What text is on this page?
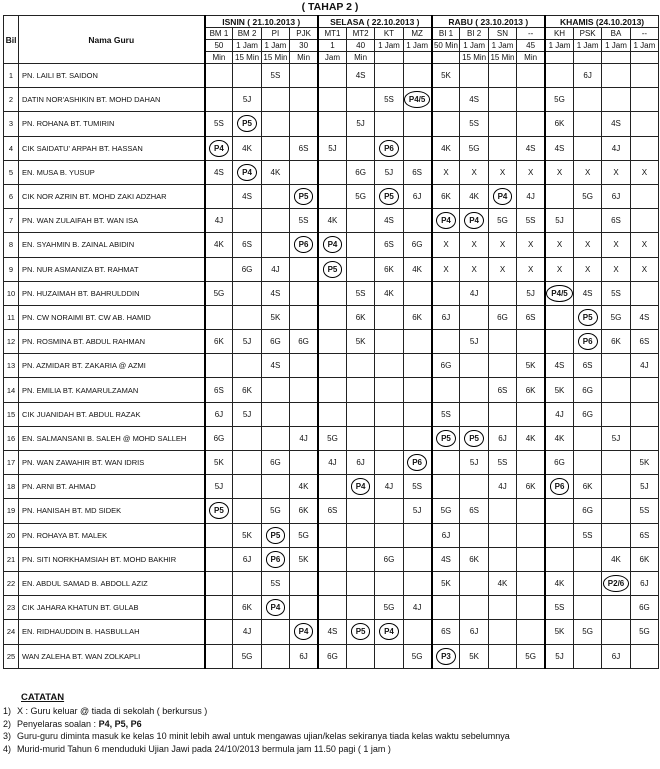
( TAHAP 2 )
Bil	Nama Guru	ISNIN ( 21.10.2013 )				SELASA ( 22.10.2013 )				RABU ( 23.10.2013 )				KHAMIS (24.10.2013)			
		BM 1	BM 2	PI	PJK	MT1	MT2	KT	MZ	BI 1	BI 2	SN	--	KH	PSK	BA	--
		50	1 Jam	1 Jam	30	1	40	1 Jam	1 Jam	50 Min	1 Jam	1 Jam	45	1 Jam	1 Jam	1 Jam	1 Jam
		Min	15 Min	15 Min	Min	Jam	Min				15 Min	15 Min	Min				
1	PN. LAILI BT. SAIDON			5S			4S			5K					6J		
2	DATIN NOR'ASHIKIN BT. MOHD DAHAN		5J					5S	P4/5		4S			5G			
3	PN. ROHANA BT. TUMIRIN	5S	P5				5J				5S			6K		4S	
4	CIK SAIDATU' ARPAH BT. HASSAN	P4	4K		6S	5J		P6		4K	5G		4S	4S		4J	
5	EN. MUSA B. YUSUP	4S	P4	4K			6G	5J	6S	X	X	X	X	X	X	X	X
6	CIK NOR AZRIN BT. MOHD ZAKI ADZHAR		4S		P5		5G	P5	6J	6K	4K	P4	4J		5G	6J	
7	PN. WAN ZULAIFAH BT. WAN ISA	4J			5S	4K		4S		P4	P4	5G	5S	5J		6S	
8	EN. SYAHMIN B. ZAINAL ABIDIN	4K	6S		P6	P4		6S	6G	X	X	X	X	X	X	X	X
9	PN. NUR ASMANIZA BT. RAHMAT		6G	4J		P5		6K	4K	X	X	X	X	X	X	X	X
10	PN. HUZAIMAH BT. BAHRULDDIN	5G		4S			5S	4K			4J		5J	P4/5	4S	5S	
11	PN. CW NORAIMI BT. CW AB. HAMID			5K			6K		6K	6J		6G	6S		P5	5G	4S
12	PN. ROSMINA BT. ABDUL RAHMAN	6K	5J	6G	6G		5K				5J				P6	6K	6S
13	PN. AZMIDAR BT. ZAKARIA @ AZMI			4S						6G			5K	4S	6S		4J
14	PN. EMILIA BT. KAMARULZAMAN	6S	6K									6S	6K	5K	6G		
15	CIK JUANIDAH BT. ABDUL RAZAK	6J	5J							5S				4J	6G		
16	EN. SALMANSANI B. SALEH @ MOHD SALLEH	6G			4J	5G				P5	P5	6J	4K	4K		5J	
17	PN. WAN ZAWAHIR BT. WAN IDRIS	5K		6G		4J	6J		P6		5J	5S		6G			5K
18	PN. ARNI BT. AHMAD	5J			4K		P4	4J	5S			4J	6K	P6	6K		5J
19	PN. HANISAH BT. MD SIDEK	P5		5G	6K	6S			5J	5G	6S				6G		5S
20	PN. ROHAYA BT. MALEK		5K	P5	5G					6J					5S		6S
21	PN. SITI NORKHAMSIAH BT. MOHD BAKHIR		6J	P6	5K			6G		4S	6K					4K	6K
22	EN. ABDUL SAMAD B. ABDOLL AZIZ			5S						5K		4K		4K		P2/6	6J
23	CIK JAHARA KHATUN BT. GULAB		6K	P4				5G	4J					5S			6G
24	EN. RIDHAUDDIN B. HASBULLAH		4J		P4	4S	P5	P4		6S	6J			5K	5G		5G
25	WAN ZALEHA BT. WAN ZOLKAPLI		5G		6J	6G			5G	P3	5K		5G	5J		6J	
CATATAN
1) X : Guru keluar @ tiada di sekolah ( berkursus )
2) Penyelaras soalan : P4, P5, P6
3) Guru-guru diminta masuk ke kelas 10 minit lebih awal untuk mengawas ujian/kelas sekiranya tiada kelas waktu sebelumnya
4) Murid-murid Tahun 6 menduduki Ujian Jawi pada 24/10/2013 bermula jam 11.50 pagi ( 1 jam )
